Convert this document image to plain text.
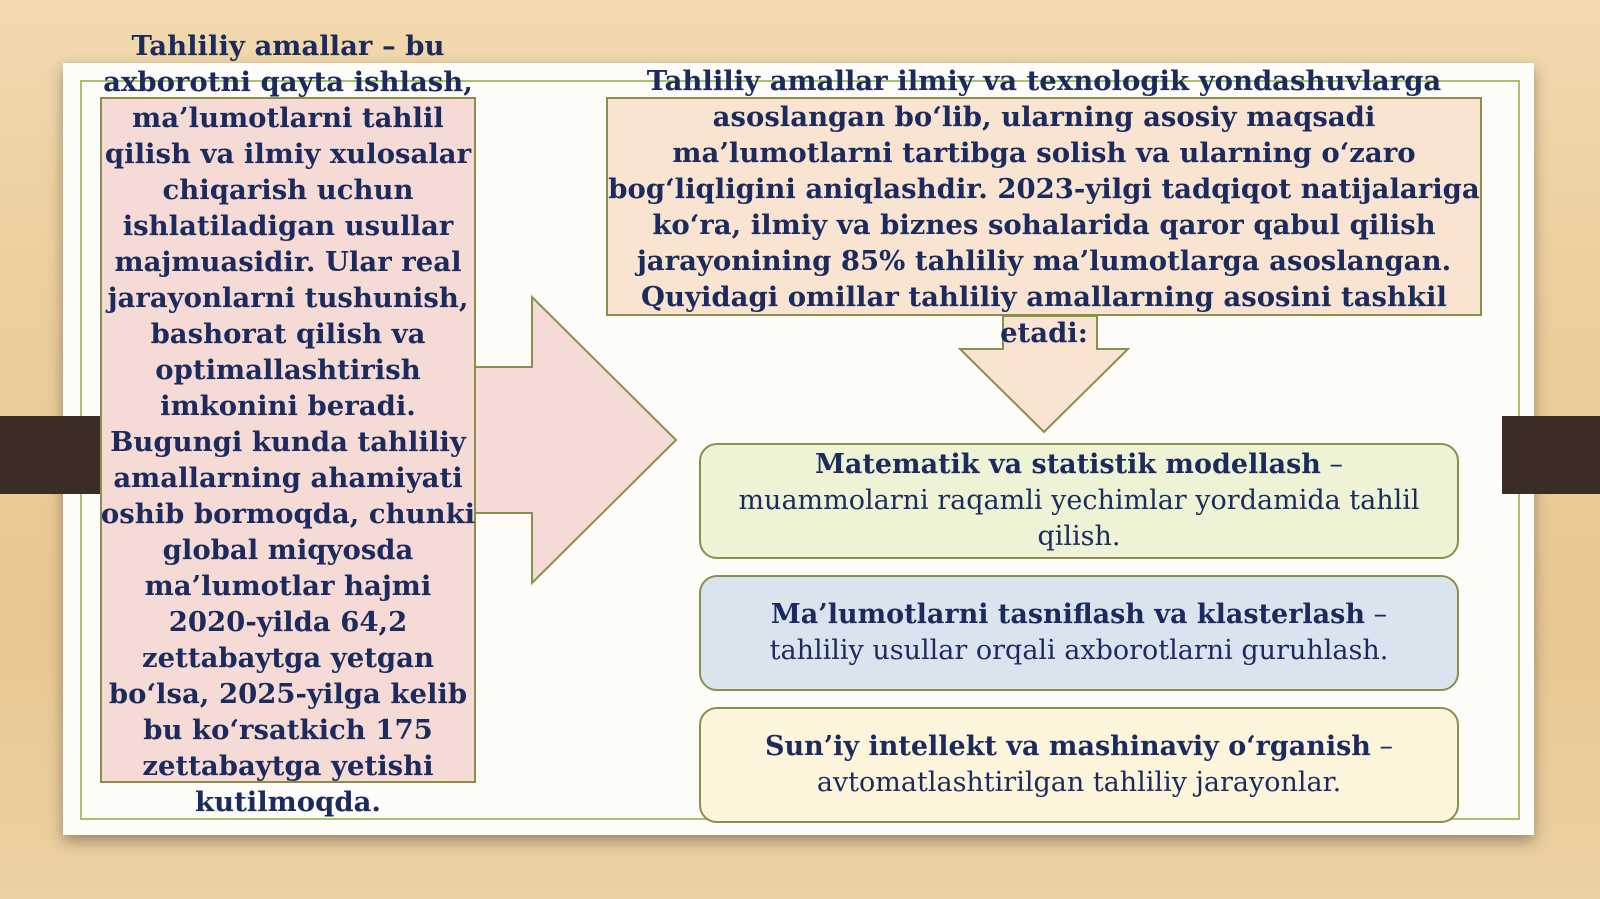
Tahliliy amallar – bu axborotni qayta ishlash, ma’lumotlarni tahlil qilish va ilmiy xulosalar chiqarish uchun ishlatiladigan usullar majmuasidir. Ular real jarayonlarni tushunish, bashorat qilish va optimallashtirish imkonini beradi. Bugungi kunda tahliliy amallarning ahamiyati oshib bormoqda, chunki global miqyosda ma’lumotlar hajmi 2020-yilda 64,2 zettabaytga yetgan bo‘lsa, 2025-yilga kelib bu ko‘rsatkich 175 zettabaytga yetishi kutilmoqda.

Tahliliy amallar ilmiy va texnologik yondashuvlarga asoslangan bo‘lib, ularning asosiy maqsadi ma’lumotlarni tartibga solish va ularning o‘zaro bog‘liqligini aniqlashdir. 2023-yilgi tadqiqot natijalariga ko‘ra, ilmiy va biznes sohalarida qaror qabul qilish jarayonining 85% tahliliy ma’lumotlarga asoslangan. Quyidagi omillar tahliliy amallarning asosini tashkil etadi:

Matematik va statistik modellash – muammolarni raqamli yechimlar yordamida tahlil qilish.

Ma’lumotlarni tasniflash va klasterlash – tahliliy usullar orqali axborotlarni guruhlash.

Sun’iy intellekt va mashinaviy o‘rganish – avtomatlashtirilgan tahliliy jarayonlar.
